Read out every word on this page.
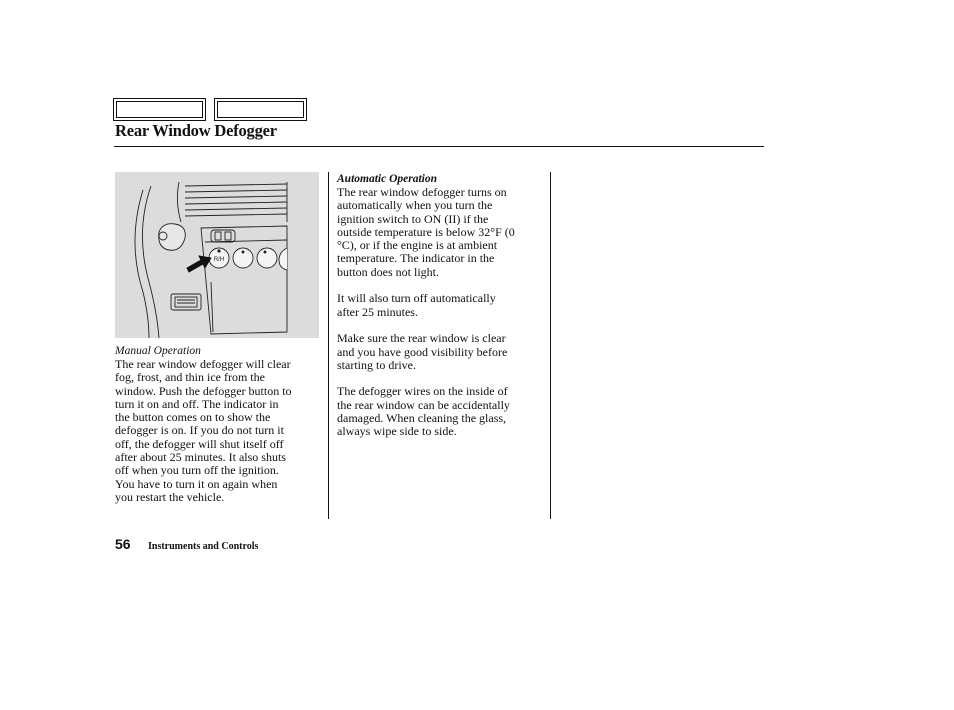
Rear Window Defogger
R/H

Manual Operation

The rear window defogger will clear
fog, frost, and thin ice from the
window. Push the defogger button to
turn it on and off. The indicator in
the button comes on to show the
defogger is on. If you do not turn it
off, the defogger will shut itself off
after about 25 minutes. It also shuts
off when you turn off the ignition.
You have to turn it on again when
you restart the vehicle.

Automatic Operation

The rear window defogger turns on
automatically when you turn the
ignition switch to ON (II) if the
outside temperature is below 32°F (0
°C), or if the engine is at ambient
temperature. The indicator in the
button does not light.

It will also turn off automatically
after 25 minutes.

Make sure the rear window is clear
and you have good visibility before
starting to drive.

The defogger wires on the inside of
the rear window can be accidentally
damaged. When cleaning the glass,
always wipe side to side.

56 Instruments and Controls
